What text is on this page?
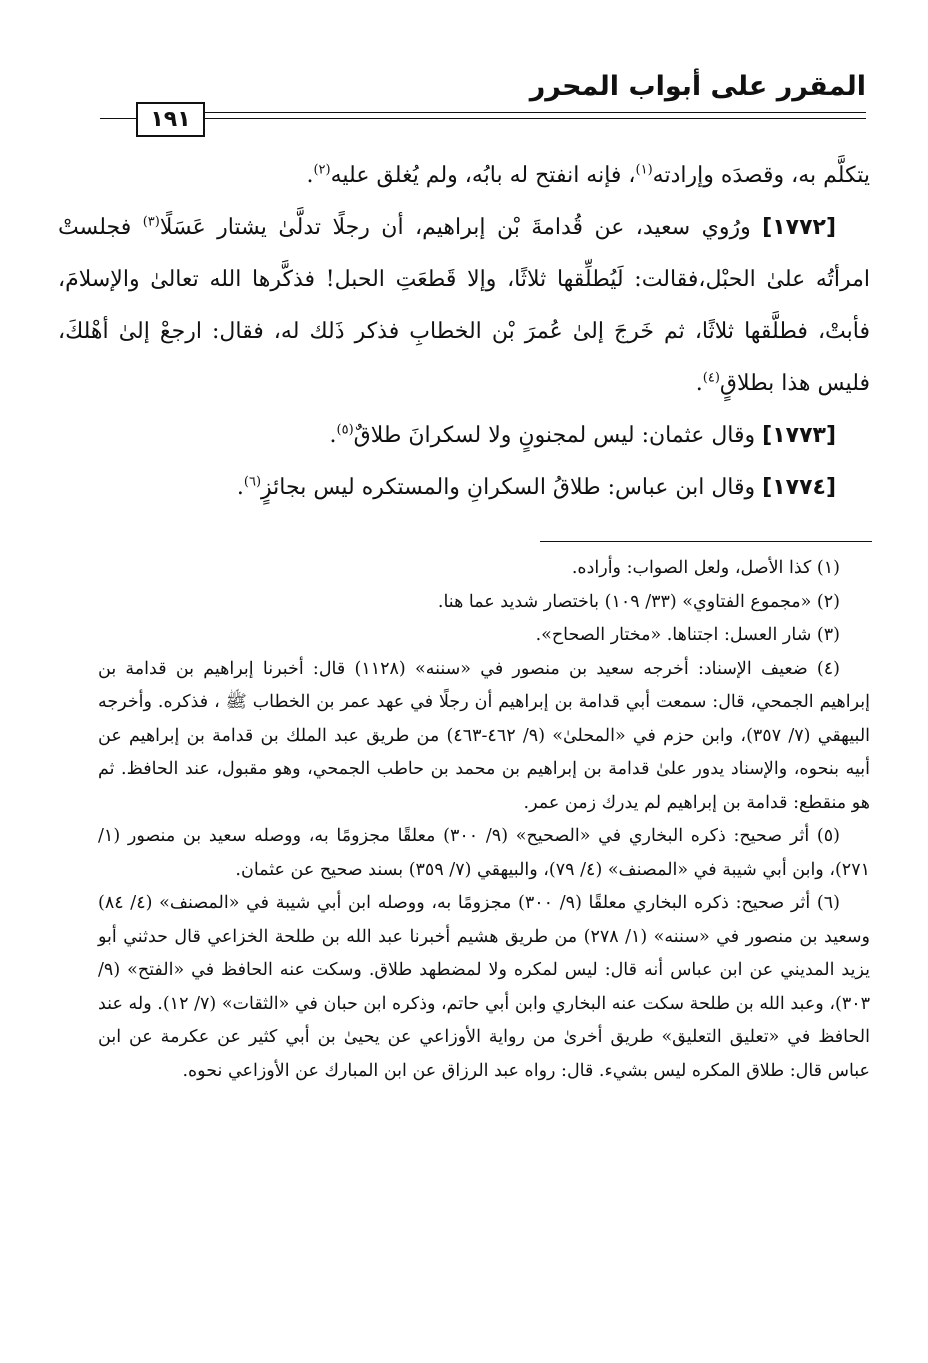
المقرر على أبواب المحرر
١٩١

يتكلَّم به، وقصدَه وإرادته$^{(١)}$، فإنه انفتح له بابُه، ولم يُغلق عليه$^{(٢)}$.

[١٧٧٢] ورُوي سعيد، عن قُدامةَ بْن إبراهيم، أن رجلًا تدلَّىٰ يشتار عَسَلًا$^{(٣)}$ فجلستْ امرأتُه علىٰ الحبْل،فقالت: لَيُطلِّقها ثلاثًا، وإلا قَطعَتِ الحبل! فذكَّرها الله تعالىٰ والإسلامَ، فأبتْ، فطلَّقها ثلاثًا، ثم خَرجَ إلىٰ عُمرَ بْن الخطابِ فذكر ذَلك له، فقال: ارجعْ إلىٰ أهْلكَ، فليس هذا بطلاقٍ$^{(٤)}$.

[١٧٧٣] وقال عثمان: ليس لمجنونٍ ولا لسكرانَ طلاقٌ$^{(٥)}$.

[١٧٧٤] وقال ابن عباس: طلاقُ السكرانِ والمستكره ليس بجائزٍ$^{(٦)}$.

(١) كذا الأصل، ولعل الصواب: وأراده.

(٢) «مجموع الفتاوي» (٣٣/ ١٠٩) باختصار شديد عما هنا.

(٣) شار العسل: اجتناها. «مختار الصحاح».

(٤) ضعيف الإسناد: أخرجه سعيد بن منصور في «سننه» (١١٢٨) قال: أخبرنا إبراهيم بن قدامة بن إبراهيم الجمحي، قال: سمعت أبي قدامة بن إبراهيم أن رجلًا في عهد عمر بن الخطاب ﷺ ، فذكره. وأخرجه البيهقي (٧/ ٣٥٧)، وابن حزم في «المحلىٰ» (٩/ ٤٦٢-٤٦٣) من طريق عبد الملك بن قدامة بن إبراهيم عن أبيه بنحوه، والإسناد يدور علىٰ قدامة بن إبراهيم بن محمد بن حاطب الجمحي، وهو مقبول، عند الحافظ. ثم هو منقطع: قدامة بن إبراهيم لم يدرك زمن عمر.

(٥) أثر صحيح: ذكره البخاري في «الصحيح» (٩/ ٣٠٠) معلقًا مجزومًا به، ووصله سعيد بن منصور (١/ ٢٧١)، وابن أبي شيبة في «المصنف» (٤/ ٧٩)، والبيهقي (٧/ ٣٥٩) بسند صحيح عن عثمان.

(٦) أثر صحيح: ذكره البخاري معلقًا (٩/ ٣٠٠) مجزومًا به، ووصله ابن أبي شيبة في «المصنف» (٤/ ٨٤) وسعيد بن منصور في «سننه» (١/ ٢٧٨) من طريق هشيم أخبرنا عبد الله بن طلحة الخزاعي قال حدثني أبو يزيد المديني عن ابن عباس أنه قال: ليس لمكره ولا لمضطهد طلاق. وسكت عنه الحافظ في «الفتح» (٩/ ٣٠٣)، وعبد الله بن طلحة سكت عنه البخاري وابن أبي حاتم، وذكره ابن حبان في «الثقات» (٧/ ١٢). وله عند الحافظ في «تعليق التعليق» طريق أخرىٰ من رواية الأوزاعي عن يحيىٰ بن أبي كثير عن عكرمة عن ابن عباس قال: طلاق المكره ليس بشيء. قال: رواه عبد الرزاق عن ابن المبارك عن الأوزاعي نحوه.
